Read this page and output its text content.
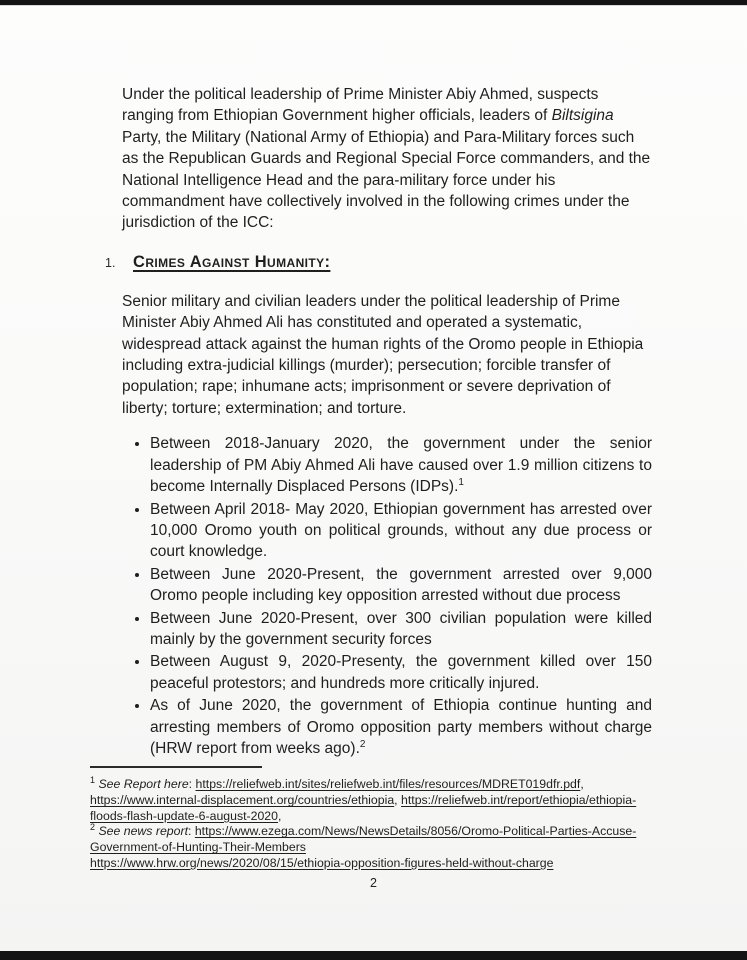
Under the political leadership of Prime Minister Abiy Ahmed, suspects ranging from Ethiopian Government higher officials, leaders of Biltsigina Party, the Military (National Army of Ethiopia) and Para-Military forces such as the Republican Guards and Regional Special Force commanders, and the National Intelligence Head and the para-military force under his commandment have collectively involved in the following crimes under the jurisdiction of the ICC:

1. Crimes Against Humanity:

Senior military and civilian leaders under the political leadership of Prime Minister Abiy Ahmed Ali has constituted and operated a systematic, widespread attack against the human rights of the Oromo people in Ethiopia including extra-judicial killings (murder); persecution; forcible transfer of population; rape; inhumane acts; imprisonment or severe deprivation of liberty; torture; extermination; and torture.

• Between 2018-January 2020, the government under the senior leadership of PM Abiy Ahmed Ali have caused over 1.9 million citizens to become Internally Displaced Persons (IDPs).$^1$
• Between April 2018- May 2020, Ethiopian government has arrested over 10,000 Oromo youth on political grounds, without any due process or court knowledge.
• Between June 2020-Present, the government arrested over 9,000 Oromo people including key opposition arrested without due process
• Between June 2020-Present, over 300 civilian population were killed mainly by the government security forces
• Between August 9, 2020-Presenty, the government killed over 150 peaceful protestors; and hundreds more critically injured.
• As of June 2020, the government of Ethiopia continue hunting and arresting members of Oromo opposition party members without charge (HRW report from weeks ago).$^2$
$^1$ See Report here: https://reliefweb.int/sites/reliefweb.int/files/resources/MDRET019dfr.pdf, https://www.internal-displacement.org/countries/ethiopia, https://reliefweb.int/report/ethiopia/ethiopia-floods-flash-update-6-august-2020,
$^2$ See news report: https://www.ezega.com/News/NewsDetails/8056/Oromo-Political-Parties-Accuse-Government-of-Hunting-Their-Members
https://www.hrw.org/news/2020/08/15/ethiopia-opposition-figures-held-without-charge
2
